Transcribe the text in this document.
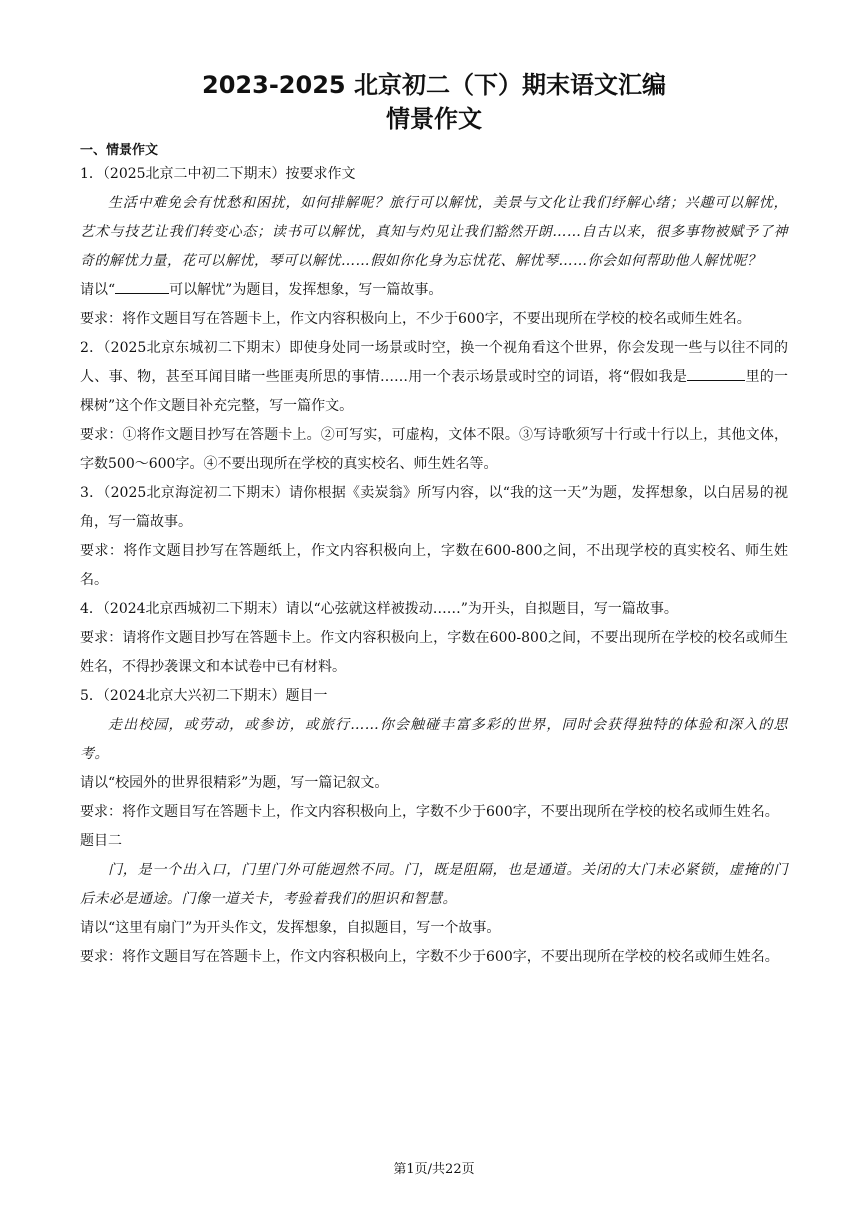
2023-2025 北京初二（下）期末语文汇编
情景作文
一、情景作文

1．（2025北京二中初二下期末）按要求作文

生活中难免会有忧愁和困扰，如何排解呢？旅行可以解忧，美景与文化让我们纾解心绪；兴趣可以解忧，艺术与技艺让我们转变心态；读书可以解忧，真知与灼见让我们豁然开朗……自古以来，很多事物被赋予了神奇的解忧力量，花可以解忧，琴可以解忧……假如你化身为忘忧花、解忧琴……你会如何帮助他人解忧呢？

请以“	可以解忧”为题目，发挥想象，写一篇故事。

要求：将作文题目写在答题卡上，作文内容积极向上，不少于600字，不要出现所在学校的校名或师生姓名。

2．（2025北京东城初二下期末）即使身处同一场景或时空，换一个视角看这个世界，你会发现一些与以往不同的人、事、物，甚至耳闻目睹一些匪夷所思的事情……用一个表示场景或时空的词语，将“假如我是	里的一棵树”这个作文题目补充完整，写一篇作文。

要求：①将作文题目抄写在答题卡上。②可写实，可虚构，文体不限。③写诗歌须写十行或十行以上，其他文体，字数500～600字。④不要出现所在学校的真实校名、师生姓名等。

3．（2025北京海淀初二下期末）请你根据《卖炭翁》所写内容，以“我的这一天”为题，发挥想象，以白居易的视角，写一篇故事。

要求：将作文题目抄写在答题纸上，作文内容积极向上，字数在600-800之间，不出现学校的真实校名、师生姓名。

4．（2024北京西城初二下期末）请以“心弦就这样被拨动……”为开头，自拟题目，写一篇故事。

要求：请将作文题目抄写在答题卡上。作文内容积极向上，字数在600-800之间，不要出现所在学校的校名或师生姓名，不得抄袭课文和本试卷中已有材料。

5．（2024北京大兴初二下期末）题目一

走出校园，或劳动，或参访，或旅行……你会触碰丰富多彩的世界，同时会获得独特的体验和深入的思考。

请以“校园外的世界很精彩”为题，写一篇记叙文。

要求：将作文题目写在答题卡上，作文内容积极向上，字数不少于600字，不要出现所在学校的校名或师生姓名。

题目二

门，是一个出入口，门里门外可能迥然不同。门，既是阻隔，也是通道。关闭的大门未必紧锁，虚掩的门后未必是通途。门像一道关卡，考验着我们的胆识和智慧。

请以“这里有扇门”为开头作文，发挥想象，自拟题目，写一个故事。

要求：将作文题目写在答题卡上，作文内容积极向上，字数不少于600字，不要出现所在学校的校名或师生姓名。

第1页/共22页
